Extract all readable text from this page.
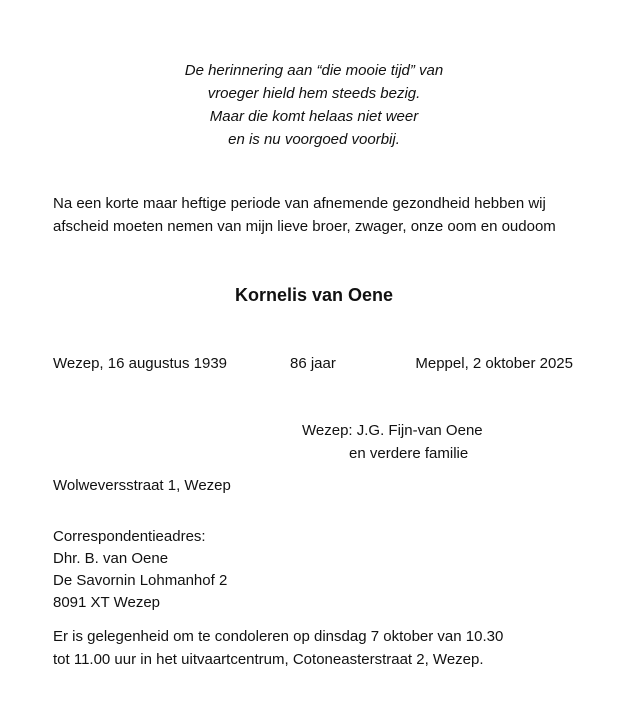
De herinnering aan “die mooie tijd” van
vroeger hield hem steeds bezig.
Maar die komt helaas niet weer
en is nu voorgoed voorbij.
Na een korte maar heftige periode van afnemende gezondheid hebben wij
afscheid moeten nemen van mijn lieve broer, zwager, onze oom en oudoom
Kornelis van Oene
Wezep, 16 augustus 1939	86 jaar	Meppel, 2 oktober 2025
Wezep: J.G. Fijn-van Oene
en verdere familie
Wolweversstraat 1, Wezep
Correspondentieadres:
Dhr. B. van Oene
De Savornin Lohmanhof 2
8091 XT Wezep
Er is gelegenheid om te condoleren op dinsdag 7 oktober van 10.30
tot 11.00 uur in het uitvaartcentrum, Cotoneasterstraat 2, Wezep.
